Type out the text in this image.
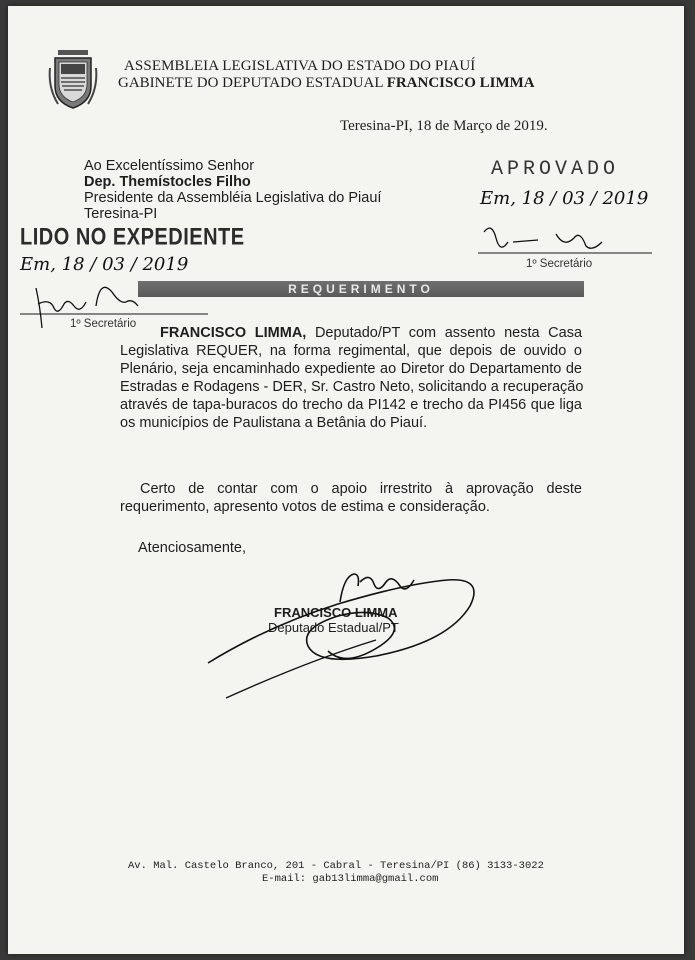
ASSEMBLEIA LEGISLATIVA DO ESTADO DO PIAUÍ
GABINETE DO DEPUTADO ESTADUAL FRANCISCO LIMMA
Teresina-PI, 18 de Março de 2019.
Ao Excelentíssimo Senhor
Dep. Themístocles Filho
Presidente da Assembléia Legislativa do Piauí
Teresina-PI
APROVADO
Em, 18 / 03 / 2019
1º Secretário
LIDO NO EXPEDIENTE
Em, 18 / 03 / 2019
1º Secretário
REQUERIMENTO
FRANCISCO LIMMA, Deputado/PT com assento nesta Casa
Legislativa REQUER, na forma regimental, que depois de ouvido o
Plenário, seja encaminhado expediente ao Diretor do Departamento de
Estradas e Rodagens - DER, Sr. Castro Neto, solicitando a recuperação
através de tapa-buracos do trecho da PI142 e trecho da PI456 que liga
os municípios de Paulistana a Betânia do Piauí.
Certo de contar com o apoio irrestrito à aprovação deste
requerimento, apresento votos de estima e consideração.
Atenciosamente,
FRANCISCO LIMMA
Deputado Estadual/PT
Av. Mal. Castelo Branco, 201 - Cabral - Teresina/PI (86) 3133-3022
E-mail: gab13limma@gmail.com
